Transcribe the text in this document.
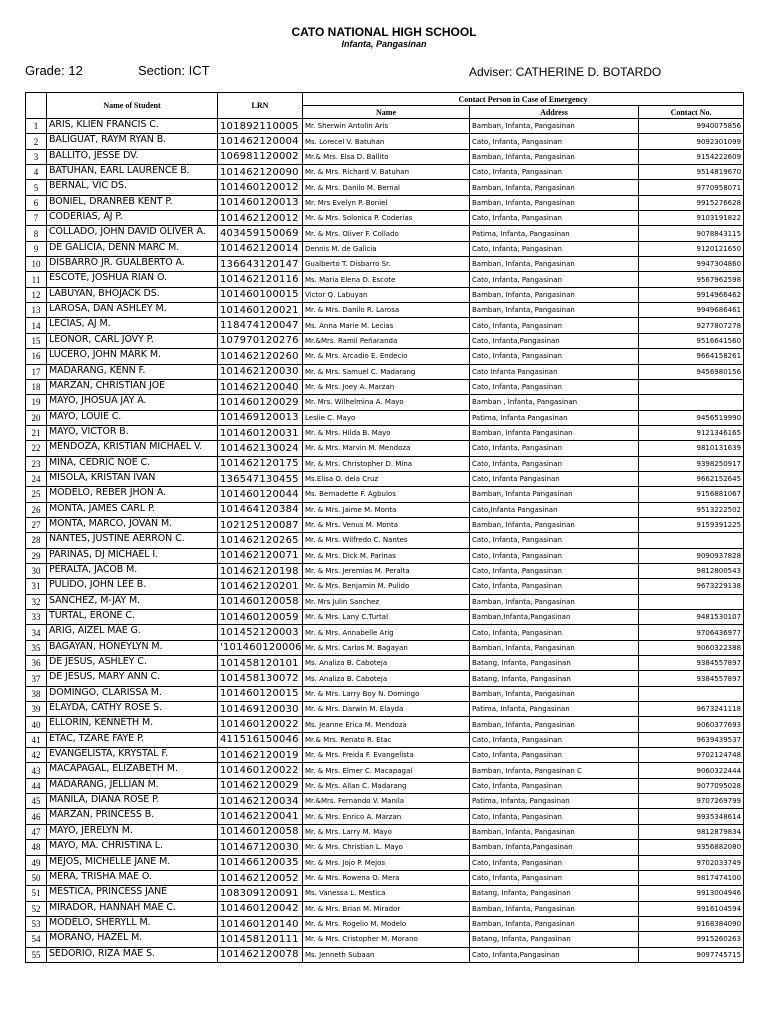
CATO NATIONAL HIGH SCHOOL
Infanta, Pangasinan
Grade: 12	Section: ICT	Adviser: CATHERINE D. BOTARDO
	Name of Student	LRN	Contact Person in Case of Emergency		
			Name	Address	Contact No.
1	ARIS, KLIEN FRANCIS C.	101892110005	Mr. Sherwin Antolin Aris	Bamban, Infanta, Pangasinan	9940075856
2	BALIGUAT, RAYM RYAN B.	101462120004	Ms. Lorecel V. Batuhan	Cato, Infanta, Pangasinan	9092301099
3	BALLITO, JESSE DV.	106981120002	Mr.& Mrs. Elsa D. Ballito	Bamban, Infanta, Pangasinan	9154222609
4	BATUHAN, EARL LAURENCE B.	101462120090	Mr. & Mrs. Richard V. Batuhan	Cato, Infanta, Pangasinan	9514819670
5	BERNAL, VIC DS.	101460120012	Mr. & Mrs. Danilo M. Bernal	Bamban, Infanta, Pangasinan	9770958071
6	BONIEL, DRANREB KENT P.	101460120013	Mr. Mrs Evelyn P. Boniel	Bamban, Infanta, Pangasinan	9915276628
7	CODERIAS, AJ P.	101462120012	Mr. & Mrs. Solonica P. Coderias	Cato, Infanta, Pangasinan	9103191822
8	COLLADO, JOHN DAVID OLIVER A.	403459150069	Mr. & Mrs. Oliver F. Collado	Patima, Infanta, Pangasinan	9078843115
9	DE GALICIA, DENN MARC M.	101462120014	Dennis M. de Galicia	Cato, Infanta, Pangasinan	9120121650
10	DISBARRO JR. GUALBERTO A.	136643120147	Gualberto T. Disbarro Sr.	Bamban, Infanta, Pangasinan	9947304860
11	ESCOTE, JOSHUA RIAN O.	101462120116	Ms. Maria Elena O. Escote	Cato, Infanta, Pangasinan	9567962598
12	LABUYAN, BHOJACK DS.	101460100015	Victor Q. Labuyan	Bamban, Infanta, Pangasinan	9914966462
13	LAROSA, DAN ASHLEY M.	101460120021	Mr. & Mrs. Danilo R. Larosa	Bamban, Infanta, Pangasinan	9949686461
14	LECIAS, AJ M.	118474120047	Ms. Anna Marie M. Lecias	Cato, Infanta, Pangasinan	9277807278
15	LEONOR, CARL JOVY P.	107970120276	Mr.&Mrs. Ramil Peñaranda	Cato, Infanta,Pangasinan	9516641560
16	LUCERO, JOHN MARK M.	101462120260	Mr. & Mrs. Arcadio E. Endecio	Cato, Infanta, Pangasinan	9664158261
17	MADARANG, KENN F.	101462120030	Mr. & Mrs. Samuel C. Madarang	Cato Infanta Pangasinan	9456980156
18	MARZAN, CHRISTIAN JOE	101462120040	Mr. & Mrs. Joey A. Marzan	Cato, Infanta, Pangasinan	
19	MAYO, JHOSUA JAY A.	101460120029	Mr. Mrs. Wilhelmina A. Mayo	Bamban , Infanta, Pangasinan	
20	MAYO, LOUIE C.	101469120013	Leslie C. Mayo	Patima, Infanta Pangasinan	9456519990
21	MAYO, VICTOR B.	101460120031	Mr. & Mrs. Hilda B. Mayo	Bamban, Infanta Pangasinan	9121346165
22	MENDOZA, KRISTIAN MICHAEL V.	101462130024	Mr. & Mrs. Marvin M. Mendoza	Cato, Infanta, Pangasinan	9810131639
23	MINA, CEDRIC NOE C.	101462120175	Mr. & Mrs. Christopher D. Mina	Cato, Infanta, Pangasinan	9398250917
24	MISOLA, KRISTAN IVAN	136547130455	Ms.Elisa O. dela Cruz	Cato, Infanta Pangasinan	9662152645
25	MODELO, REBER JHON A.	101460120044	Ms. Bernadette F. Agbulos	Bamban, Infanta Pangasinan	9156881067
26	MONTA, JAMES CARL P.	101464120384	Mr. & Mrs. Jaime M. Monta	Cato,Infanta Pangasinan	9513222502
27	MONTA, MARCO, JOVAN M.	102125120087	Mr. & Mrs. Venus M. Monta	Bamban, Infanta, Pangasinan	9159391225
28	NANTES, JUSTINE AERRON C.	101462120265	Mr. & Mrs. Wilfredo C. Nantes	Cato, Infanta, Pangasinan	
29	PARINAS, DJ MICHAEL I.	101462120071	Mr. & Mrs. Dick M. Parinas	Cato, Infanta, Pangasinan	9090937828
30	PERALTA, JACOB M.	101462120198	Mr. & Mrs. Jeremias M. Peralta	Cato, Infanta, Pangasinan	9812800543
31	PULIDO, JOHN LEE B.	101462120201	Mr. & Mrs. Benjamin M. Pulido	Cato, Infanta, Pangasinan	9673229138
32	SANCHEZ, M-JAY M.	101460120058	Mr. Mrs Julin Sanchez	Bamban, Infanta, Pangasinan	
33	TURTAL, ERONE C.	101460120059	Mr. & Mrs. Lany C.Turtal	Bamban,Infanta,Pangasinan	9481530107
34	ARIG, AIZEL MAE G.	101452120003	Mr. & Mrs. Annabelle Arig	Cato, Infanta, Pangasinan	9706436977
35	BAGAYAN, HONEYLYN M.	'101460120006	Mr. & Mrs. Carlos M. Bagayan	Bamban, Infanta, Pangasinan	9060322388
36	DE JESUS, ASHLEY C.	101458120101	Ms. Analiza B. Caboteja	Batang, Infanta, Pangasinan	9384557897
37	DE JESUS, MARY ANN C.	101458130072	Ms. Analiza B. Caboteja	Batang, Infanta, Pangasinan	9384557897
38	DOMINGO, CLARISSA M.	101460120015	Mr. & Mrs. Larry Boy N. Domingo	Bamban, Infanta, Pangasinan	
39	ELAYDA, CATHY ROSE S.	101469120030	Mr. & Mrs. Darwin M. Elayda	Patima, Infanta, Pangasinan	9673241118
40	ELLORIN, KENNETH M.	101460120022	Ms. Jeanne Erica M. Mendoza	Bamban, Infanta, Pangasinan	9060377693
41	ETAC, TZARE FAYE P.	411516150046	Mr.& Mrs. Renato R. Etac	Cato, Infanta, Pangasinan	9639439537
42	EVANGELISTA, KRYSTAL F.	101462120019	Mr. & Mrs. Freida F. Evangelista	Cato, Infanta, Pangasinan	9702124748
43	MACAPAGAL, ELIZABETH M.	101460120022	Mr. & Mrs. Elmer C. Macapagal	Bamban, Infanta, Pangasinan C	9060322444
44	MADARANG, JELLIAN M.	101462120029	Mr. & Mrs. Allan C. Madarang	Cato, Infanta, Pangasinan	9077095028
45	MANILA, DIANA ROSE P.	101462120034	Mr.&Mrs. Fernando V. Manila	Patima, Infanta, Pangasinan	9707269799
46	MARZAN, PRINCESS B.	101462120041	Mr. & Mrs. Enrico A. Marzan	Cato, Infanta, Pangasinan	9935348614
47	MAYO, JERELYN M.	101460120058	Mr. & Mrs. Larry M. Mayo	Bamban, Infanta, Pangasinan	9812879834
48	MAYO, MA. CHRISTINA L.	101467120030	Mr. & Mrs. Christian L. Mayo	Bamban, Infanta,Pangasinan	9356882080
49	MEJOS, MICHELLE JANE M.	101466120035	Mr. & Mrs. Jojo P. Mejos	Cato, Infanta, Pangasinan	9702033749
50	MERA, TRISHA MAE O.	101462120052	Mr. & Mrs. Rowena O. Mera	Cato, Infanta, Pangasinan	9817474100
51	MESTICA, PRINCESS JANE	108309120091	Ms. Vanessa L. Mestica	Batang, Infanta, Pangasinan	9913004946
52	MIRADOR, HANNAH MAE C.	101460120042	Mr. & Mrs. Brian M. Mirador	Bamban, Infanta, Pangasinan	9916104594
53	MODELO, SHERYLL M.	101460120140	Mr. & Mrs. Rogelio M. Modelo	Bamban, Infanta, Pangasinan	9168384090
54	MORANO, HAZEL M.	101458120111	Mr. & Mrs. Cristopher M. Morano	Batang, Infanta, Pangasinan	9915260263
55	SEDORIO, RIZA MAE S.	101462120078	Ms. Jenneth Subaan	Cato, Infanta,Pangasinan	9097745715
